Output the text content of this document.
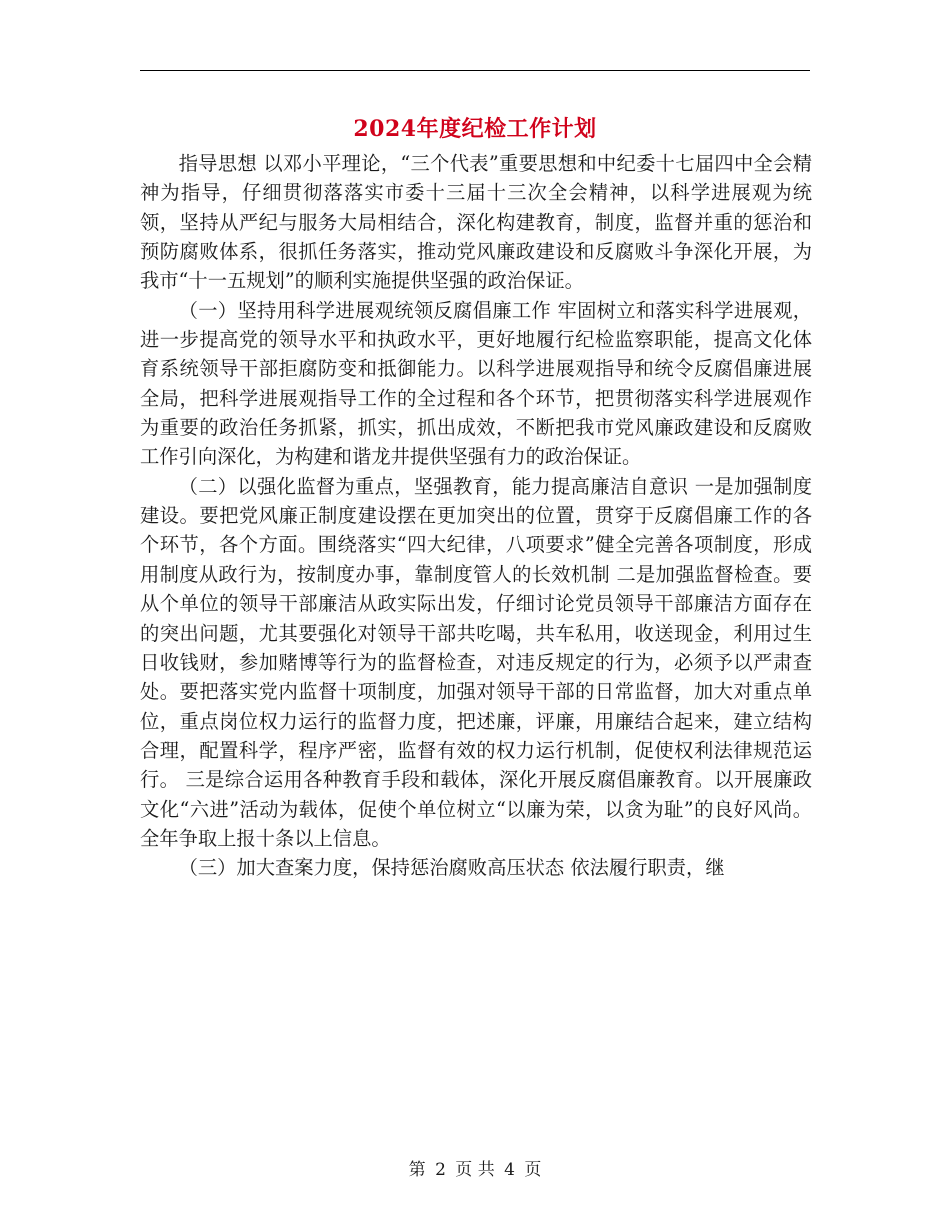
2024年度纪检工作计划

指导思想 以邓小平理论，“三个代表”重要思想和中纪委十七届四中全会精神为指导，仔细贯彻落落实市委十三届十三次全会精神，以科学进展观为统领，坚持从严纪与服务大局相结合，深化构建教育，制度，监督并重的惩治和预防腐败体系，很抓任务落实，推动党风廉政建设和反腐败斗争深化开展，为我市“十一五规划”的顺利实施提供坚强的政治保证。

（一）坚持用科学进展观统领反腐倡廉工作 牢固树立和落实科学进展观，进一步提高党的领导水平和执政水平，更好地履行纪检监察职能，提高文化体育系统领导干部拒腐防变和抵御能力。以科学进展观指导和统令反腐倡廉进展全局，把科学进展观指导工作的全过程和各个环节，把贯彻落实科学进展观作为重要的政治任务抓紧，抓实，抓出成效，不断把我市党风廉政建设和反腐败工作引向深化，为构建和谐龙井提供坚强有力的政治保证。

（二）以强化监督为重点，坚强教育，能力提高廉洁自意识 一是加强制度建设。要把党风廉正制度建设摆在更加突出的位置，贯穿于反腐倡廉工作的各个环节，各个方面。围绕落实“四大纪律，八项要求”健全完善各项制度，形成用制度从政行为，按制度办事，靠制度管人的长效机制 二是加强监督检查。要从个单位的领导干部廉洁从政实际出发，仔细讨论党员领导干部廉洁方面存在的突出问题，尤其要强化对领导干部共吃喝，共车私用，收送现金，利用过生日收钱财，参加赌博等行为的监督检查，对违反规定的行为，必须予以严肃查处。要把落实党内监督十项制度，加强对领导干部的日常监督，加大对重点单位，重点岗位权力运行的监督力度，把述廉，评廉，用廉结合起来，建立结构合理，配置科学，程序严密，监督有效的权力运行机制，促使权利法律规范运行。 三是综合运用各种教育手段和载体，深化开展反腐倡廉教育。以开展廉政文化“六进”活动为载体，促使个单位树立“以廉为荣，以贪为耻”的良好风尚。全年争取上报十条以上信息。

（三）加大查案力度，保持惩治腐败高压状态 依法履行职责，继

第 2 页 共 4 页
